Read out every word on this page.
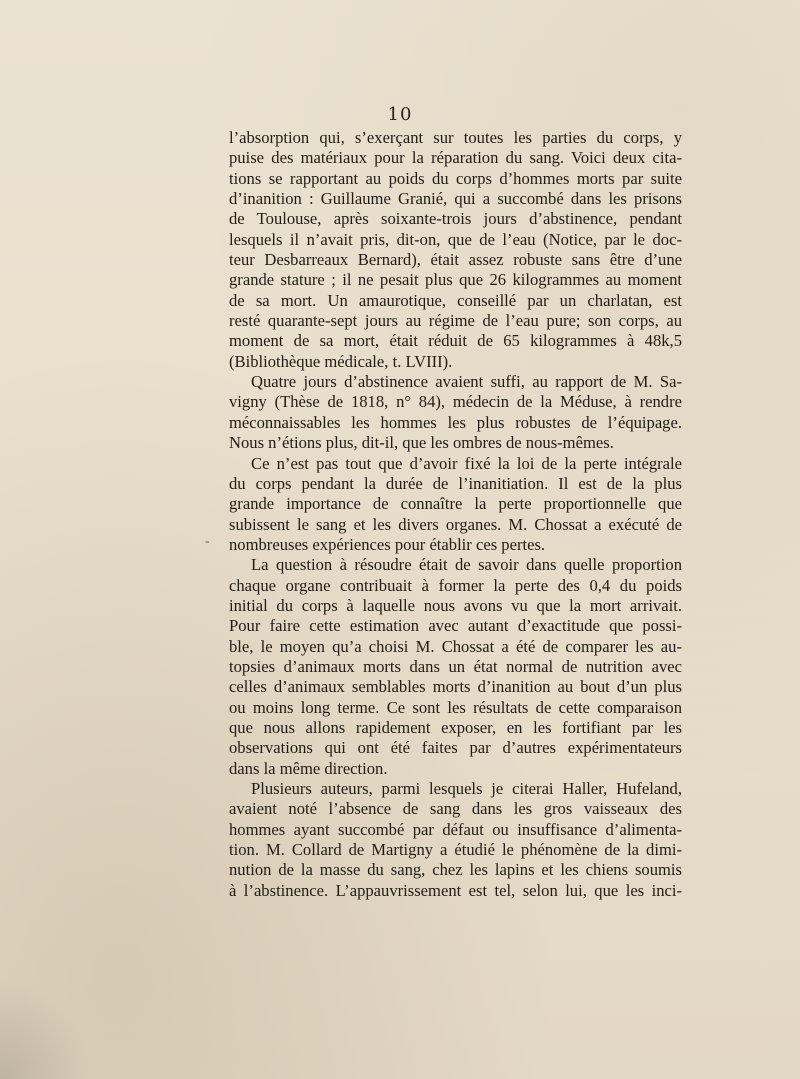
10
-
l’absorption qui, s’exerçant sur toutes les parties du corps, y
puise des matériaux pour la réparation du sang. Voici deux cita-
tions se rapportant au poids du corps d’hommes morts par suite
d’inanition : Guillaume Granié, qui a succombé dans les prisons
de Toulouse, après soixante-trois jours d’abstinence, pendant
lesquels il n’avait pris, dit-on, que de l’eau (Notice, par le doc-
teur Desbarreaux Bernard), était assez robuste sans être d’une
grande stature ; il ne pesait plus que 26 kilogrammes au moment
de sa mort. Un amaurotique, conseillé par un charlatan, est
resté quarante-sept jours au régime de l’eau pure; son corps, au
moment de sa mort, était réduit de 65 kilogrammes à 48k,5
(Bibliothèque médicale, t. LVIII).
Quatre jours d’abstinence avaient suffi, au rapport de M. Sa-
vigny (Thèse de 1818, n° 84), médecin de la Méduse, à rendre
méconnaissables les hommes les plus robustes de l’équipage.
Nous n’étions plus, dit-il, que les ombres de nous-mêmes.
Ce n’est pas tout que d’avoir fixé la loi de la perte intégrale
du corps pendant la durée de l’inanitiation. Il est de la plus
grande importance de connaître la perte proportionnelle que
subissent le sang et les divers organes. M. Chossat a exécuté de
nombreuses expériences pour établir ces pertes.
La question à résoudre était de savoir dans quelle proportion
chaque organe contribuait à former la perte des 0,4 du poids
initial du corps à laquelle nous avons vu que la mort arrivait.
Pour faire cette estimation avec autant d’exactitude que possi-
ble, le moyen qu’a choisi M. Chossat a été de comparer les au-
topsies d’animaux morts dans un état normal de nutrition avec
celles d’animaux semblables morts d’inanition au bout d’un plus
ou moins long terme. Ce sont les résultats de cette comparaison
que nous allons rapidement exposer, en les fortifiant par les
observations qui ont été faites par d’autres expérimentateurs
dans la même direction.
Plusieurs auteurs, parmi lesquels je citerai Haller, Hufeland,
avaient noté l’absence de sang dans les gros vaisseaux des
hommes ayant succombé par défaut ou insuffisance d’alimenta-
tion. M. Collard de Martigny a étudié le phénomène de la dimi-
nution de la masse du sang, chez les lapins et les chiens soumis
à l’abstinence. L’appauvrissement est tel, selon lui, que les inci-
